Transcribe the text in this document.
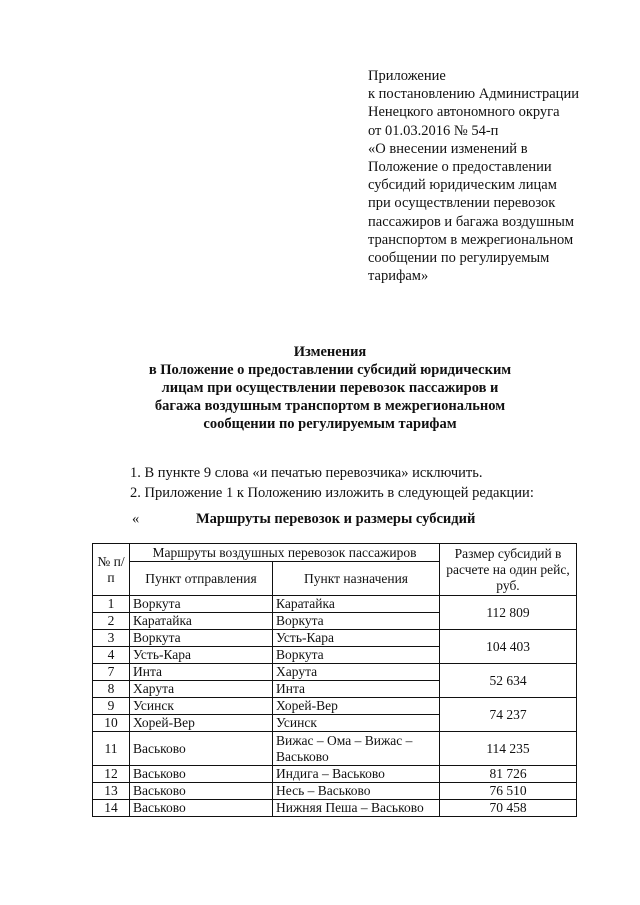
Приложение
к постановлению Администрации
Ненецкого автономного округа
от 01.03.2016 № 54-п
«О внесении изменений в
Положение о предоставлении
субсидий юридическим лицам
при осуществлении перевозок
пассажиров и багажа воздушным
транспортом в межрегиональном
сообщении по регулируемым
тарифам»
Изменения
в Положение о предоставлении субсидий юридическим
лицам при осуществлении перевозок пассажиров и
багажа воздушным транспортом в межрегиональном
сообщении по регулируемым тарифам
1. В пункте 9 слова «и печатью перевозчика» исключить.
2. Приложение 1 к Положению изложить в следующей редакции:
«	Маршруты перевозок и размеры субсидий
№ п/п	Маршруты воздушных перевозок пассажиров		Размер субсидий в расчете на один рейс, руб.
	Пункт отправления	Пункт назначения	
1	Воркута	Каратайка	112 809
2	Каратайка	Воркута	
3	Воркута	Усть-Кара	104 403
4	Усть-Кара	Воркута	
7	Инта	Харута	52 634
8	Харута	Инта	
9	Усинск	Хорей-Вер	74 237
10	Хорей-Вер	Усинск	
11	Васьково	Вижас – Ома – Вижас – Васьково	114 235
12	Васьково	Индига – Васьково	81 726
13	Васьково	Несь – Васьково	76 510
14	Васьково	Нижняя Пеша – Васьково	70 458
